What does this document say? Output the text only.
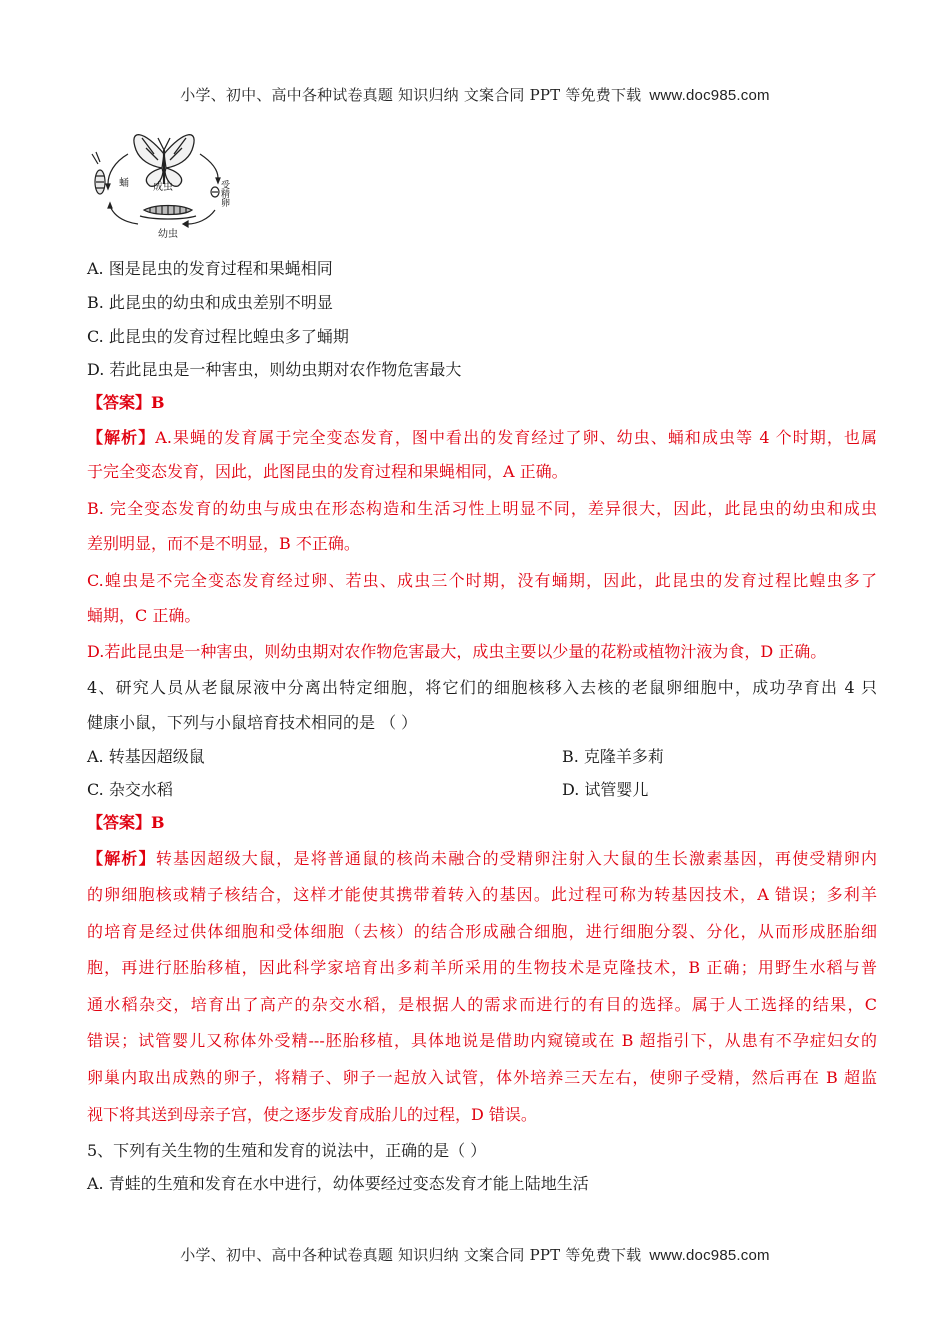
小学、初中、高中各种试卷真题 知识归纳 文案合同 PPT 等免费下载 www.doc985.com
蛹 成虫
幼虫
受精卵
A. 图是昆虫的发育过程和果蝇相同
B. 此昆虫的幼虫和成虫差别不明显
C. 此昆虫的发育过程比蝗虫多了蛹期
D. 若此昆虫是一种害虫，则幼虫期对农作物危害最大
【答案】B
【解析】A.果蝇的发育属于完全变态发育，图中看出的发育经过了卵、幼虫、蛹和成虫等 4 个时期，也属
于完全变态发育，因此，此图昆虫的发育过程和果蝇相同，A 正确。
B. 完全变态发育的幼虫与成虫在形态构造和生活习性上明显不同，差异很大，因此，此昆虫的幼虫和成虫
差别明显，而不是不明显，B 不正确。
C.蝗虫是不完全变态发育经过卵、若虫、成虫三个时期，没有蛹期，因此，此昆虫的发育过程比蝗虫多了
蛹期，C 正确。
D.若此昆虫是一种害虫，则幼虫期对农作物危害最大，成虫主要以少量的花粉或植物汁液为食，D 正确。
4、研究人员从老鼠尿液中分离出特定细胞，将它们的细胞核移入去核的老鼠卵细胞中，成功孕育出 4 只
健康小鼠，下列与小鼠培育技术相同的是 （ ）
A. 转基因超级鼠	B. 克隆羊多莉
C. 杂交水稻	D. 试管婴儿
【答案】B
【解析】转基因超级大鼠，是将普通鼠的核尚未融合的受精卵注射入大鼠的生长激素基因，再使受精卵内
的卵细胞核或精子核结合，这样才能使其携带着转入的基因。此过程可称为转基因技术，A 错误；多利羊
的培育是经过供体细胞和受体细胞（去核）的结合形成融合细胞，进行细胞分裂、分化，从而形成胚胎细
胞，再进行胚胎移植，因此科学家培育出多莉羊所采用的生物技术是克隆技术，B 正确；用野生水稻与普
通水稻杂交，培育出了高产的杂交水稻，是根据人的需求而进行的有目的选择。属于人工选择的结果，C
错误；试管婴儿又称体外受精---胚胎移植，具体地说是借助内窥镜或在 B 超指引下，从患有不孕症妇女的
卵巢内取出成熟的卵子，将精子、卵子一起放入试管，体外培养三天左右，使卵子受精，然后再在 B 超监
视下将其送到母亲子宫，使之逐步发育成胎儿的过程，D 错误。
5、下列有关生物的生殖和发育的说法中，正确的是（ ）
A. 青蛙的生殖和发育在水中进行，幼体要经过变态发育才能上陆地生活
小学、初中、高中各种试卷真题 知识归纳 文案合同 PPT 等免费下载 www.doc985.com
